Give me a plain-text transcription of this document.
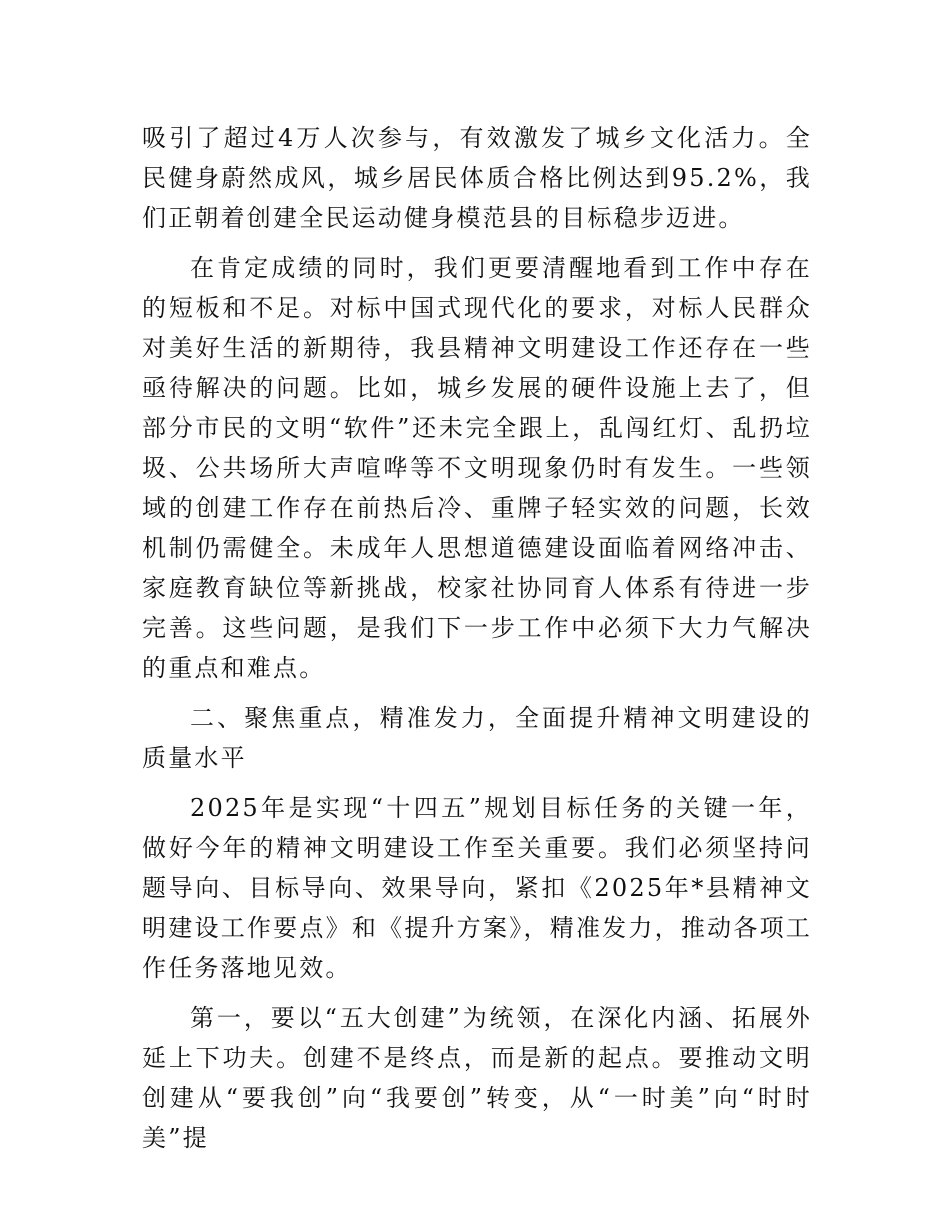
吸引了超过4万人次参与，有效激发了城乡文化活力。全民健身蔚然成风，城乡居民体质合格比例达到95.2%，我们正朝着创建全民运动健身模范县的目标稳步迈进。

在肯定成绩的同时，我们更要清醒地看到工作中存在的短板和不足。对标中国式现代化的要求，对标人民群众对美好生活的新期待，我县精神文明建设工作还存在一些亟待解决的问题。比如，城乡发展的硬件设施上去了，但部分市民的文明“软件”还未完全跟上，乱闯红灯、乱扔垃圾、公共场所大声喧哗等不文明现象仍时有发生。一些领域的创建工作存在前热后冷、重牌子轻实效的问题，长效机制仍需健全。未成年人思想道德建设面临着网络冲击、家庭教育缺位等新挑战，校家社协同育人体系有待进一步完善。这些问题，是我们下一步工作中必须下大力气解决的重点和难点。

二、聚焦重点，精准发力，全面提升精神文明建设的质量水平

2025年是实现“十四五”规划目标任务的关键一年，做好今年的精神文明建设工作至关重要。我们必须坚持问题导向、目标导向、效果导向，紧扣《2025年*县精神文明建设工作要点》和《提升方案》，精准发力，推动各项工作任务落地见效。

第一，要以“五大创建”为统领，在深化内涵、拓展外延上下功夫。创建不是终点，而是新的起点。要推动文明创建从“要我创”向“我要创”转变，从“一时美”向“时时美”提
